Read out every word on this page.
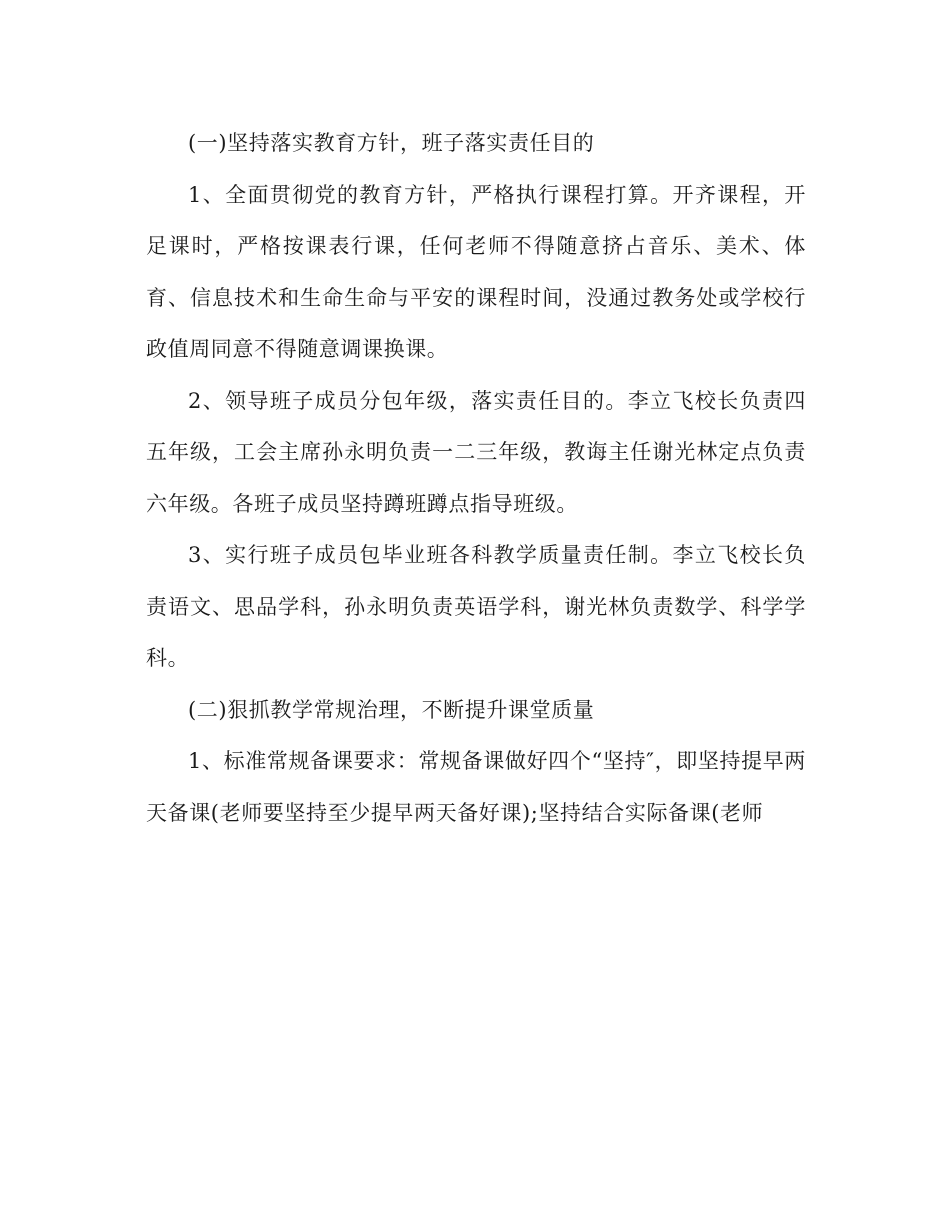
(一)坚持落实教育方针，班子落实责任目的

1、全面贯彻党的教育方针，严格执行课程打算。开齐课程，开足课时，严格按课表行课，任何老师不得随意挤占音乐、美术、体育、信息技术和生命生命与平安的课程时间，没通过教务处或学校行政值周同意不得随意调课换课。

2、领导班子成员分包年级，落实责任目的。李立飞校长负责四五年级，工会主席孙永明负责一二三年级，教诲主任谢光林定点负责六年级。各班子成员坚持蹲班蹲点指导班级。

3、实行班子成员包毕业班各科教学质量责任制。李立飞校长负责语文、思品学科，孙永明负责英语学科，谢光林负责数学、科学学科。

(二)狠抓教学常规治理，不断提升课堂质量

1、标准常规备课要求：常规备课做好四个“坚持″，即坚持提早两天备课(老师要坚持至少提早两天备好课);坚持结合实际备课(老师
